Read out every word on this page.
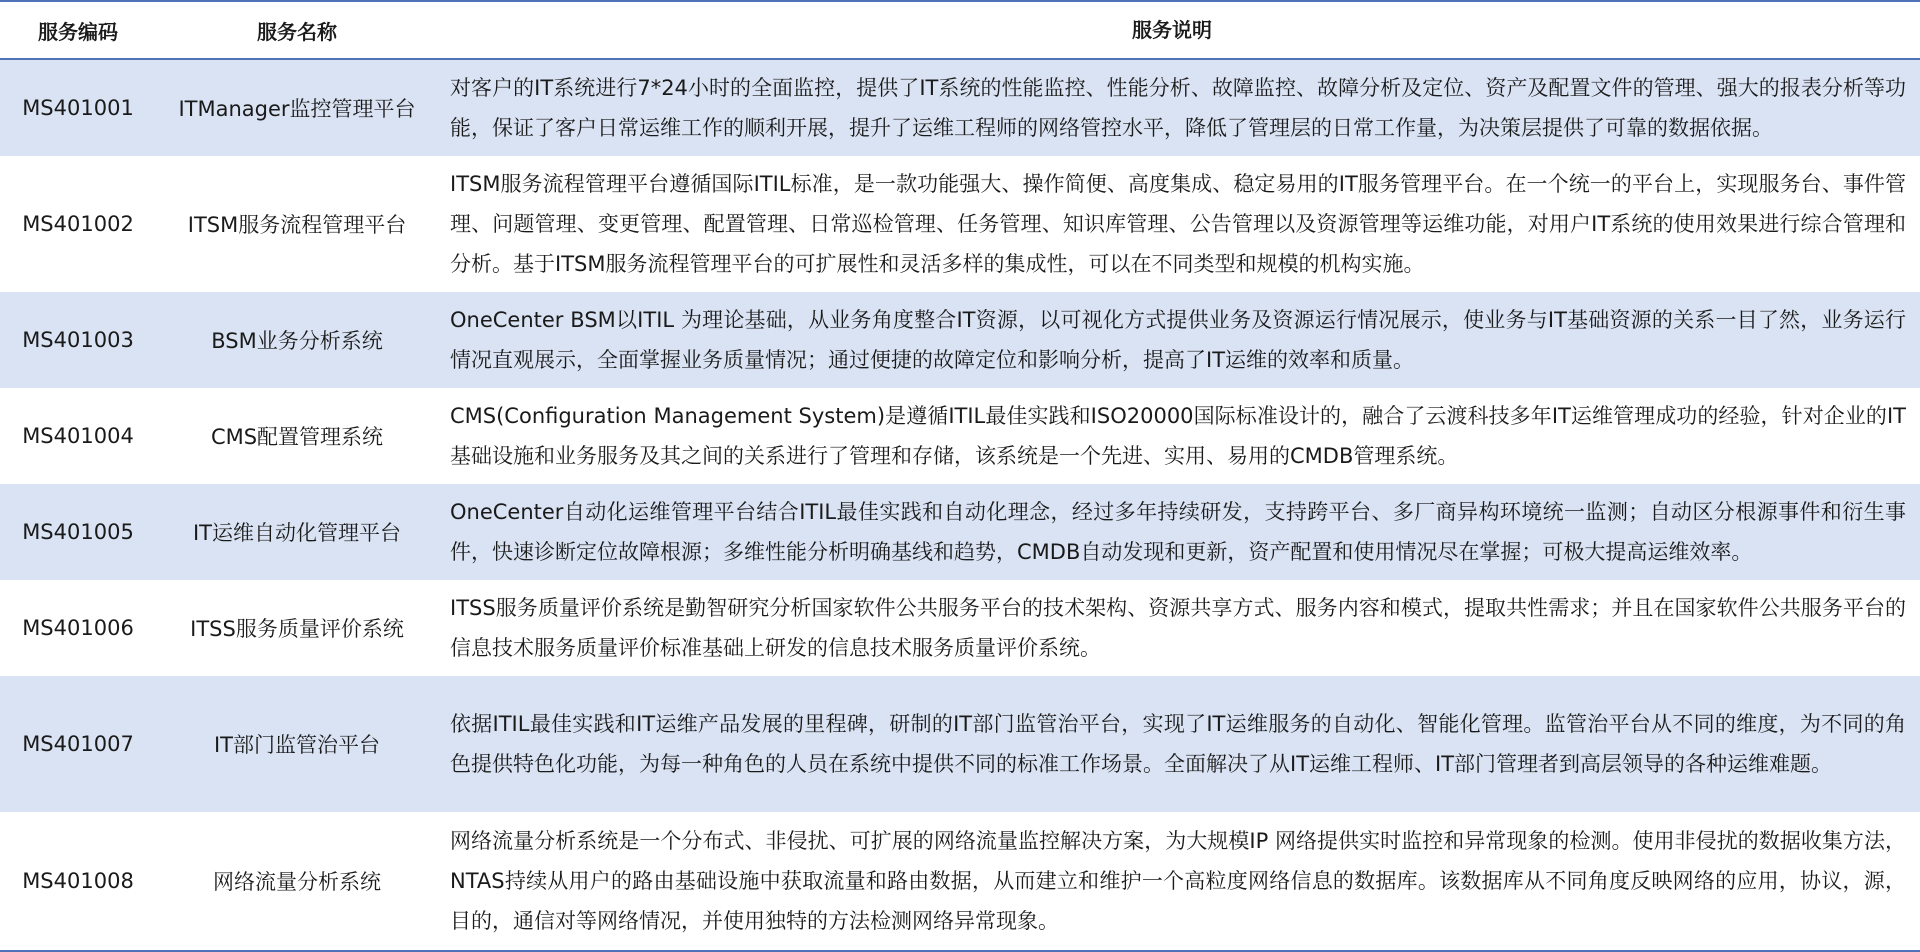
服务编码	服务名称	服务说明
MS401001	ITManager监控管理平台
对客户的IT系统进行7*24小时的全面监控，提供了IT系统的性能监控、性能分析、故障监控、故障分析及定位、资产及配置文件的管理、强大的报表分析等功能，保证了客户日常运维工作的顺利开展，提升了运维工程师的网络管控水平，降低了管理层的日常工作量，为决策层提供了可靠的数据依据。
MS401002	ITSM服务流程管理平台
ITSM服务流程管理平台遵循国际ITIL标准，是一款功能强大、操作简便、高度集成、稳定易用的IT服务管理平台。在一个统一的平台上，实现服务台、事件管理、问题管理、变更管理、配置管理、日常巡检管理、任务管理、知识库管理、公告管理以及资源管理等运维功能，对用户IT系统的使用效果进行综合管理和分析。基于ITSM服务流程管理平台的可扩展性和灵活多样的集成性，可以在不同类型和规模的机构实施。
MS401003	BSM业务分析系统
OneCenter BSM以ITIL 为理论基础，从业务角度整合IT资源，以可视化方式提供业务及资源运行情况展示，使业务与IT基础资源的关系一目了然，业务运行情况直观展示，全面掌握业务质量情况；通过便捷的故障定位和影响分析，提高了IT运维的效率和质量。
MS401004	CMS配置管理系统
CMS(Configuration Management System)是遵循ITIL最佳实践和ISO20000国际标准设计的，融合了云渡科技多年IT运维管理成功的经验，针对企业的IT基础设施和业务服务及其之间的关系进行了管理和存储，该系统是一个先进、实用、易用的CMDB管理系统。
MS401005	IT运维自动化管理平台
OneCenter自动化运维管理平台结合ITIL最佳实践和自动化理念，经过多年持续研发，支持跨平台、多厂商异构环境统一监测；自动区分根源事件和衍生事件，快速诊断定位故障根源；多维性能分析明确基线和趋势，CMDB自动发现和更新，资产配置和使用情况尽在掌握；可极大提高运维效率。
MS401006	ITSS服务质量评价系统
ITSS服务质量评价系统是勤智研究分析国家软件公共服务平台的技术架构、资源共享方式、服务内容和模式，提取共性需求；并且在国家软件公共服务平台的信息技术服务质量评价标准基础上研发的信息技术服务质量评价系统。
MS401007	IT部门监管治平台
依据ITIL最佳实践和IT运维产品发展的里程碑，研制的IT部门监管治平台，实现了IT运维服务的自动化、智能化管理。监管治平台从不同的维度，为不同的角色提供特色化功能，为每一种角色的人员在系统中提供不同的标准工作场景。全面解决了从IT运维工程师、IT部门管理者到高层领导的各种运维难题。
MS401008	网络流量分析系统
网络流量分析系统是一个分布式、非侵扰、可扩展的网络流量监控解决方案，为大规模IP 网络提供实时监控和异常现象的检测。使用非侵扰的数据收集方法，NTAS持续从用户的路由基础设施中获取流量和路由数据，从而建立和维护一个高粒度网络信息的数据库。该数据库从不同角度反映网络的应用，协议，源，目的，通信对等网络情况，并使用独特的方法检测网络异常现象。
